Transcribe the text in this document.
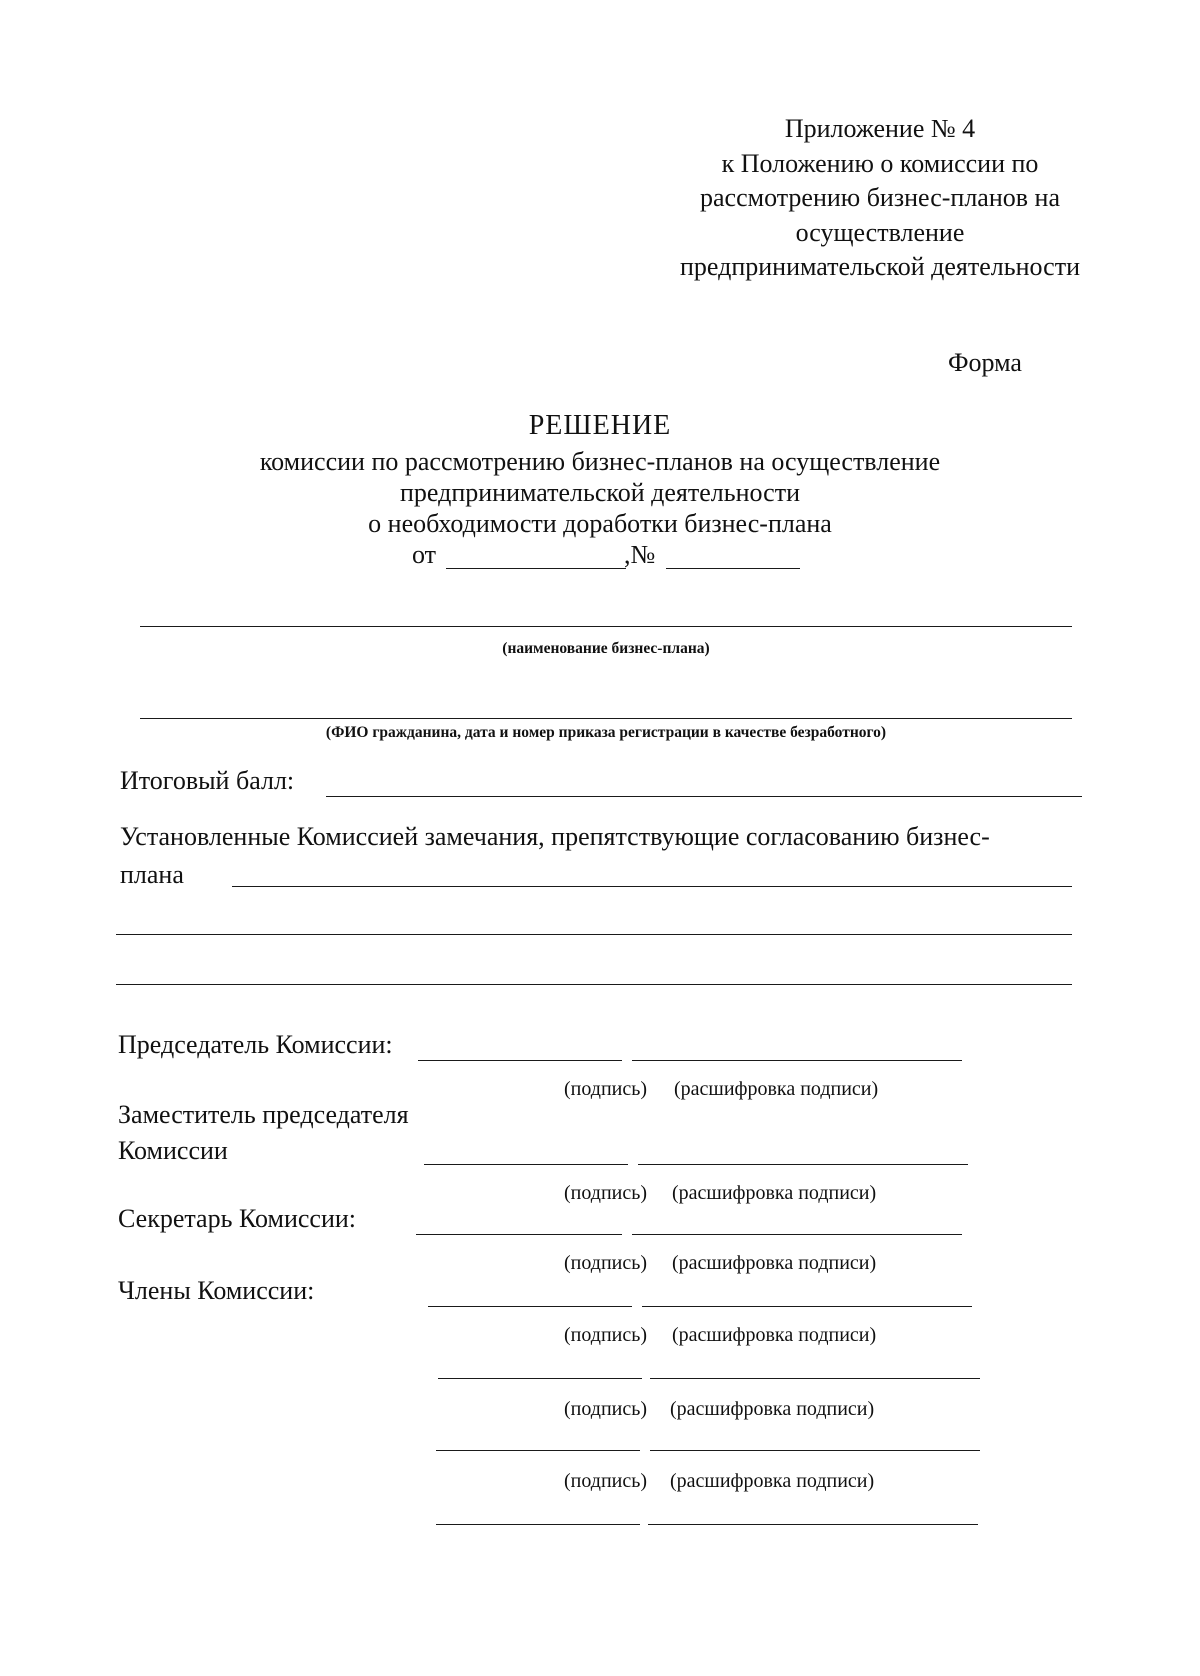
Приложение № 4
к Положению о комиссии по
рассмотрению бизнес-планов на
осуществление
предпринимательской деятельности
Форма
РЕШЕНИЕ
комиссии по рассмотрению бизнес-планов на осуществление
предпринимательской деятельности
о необходимости доработки бизнес-плана
от	,№
(наименование бизнес-плана)
(ФИО гражданина, дата и номер приказа регистрации в качестве безработного)
Итоговый балл:
Установленные Комиссией замечания, препятствующие согласованию бизнес-
плана
Председатель Комиссии:
(подпись) (расшифровка подписи)
Заместитель председателя
Комиссии
(подпись) (расшифровка подписи)
Секретарь Комиссии:
(подпись) (расшифровка подписи)
Члены Комиссии:
(подпись) (расшифровка подписи)
(подпись) (расшифровка подписи)
(подпись) (расшифровка подписи)
